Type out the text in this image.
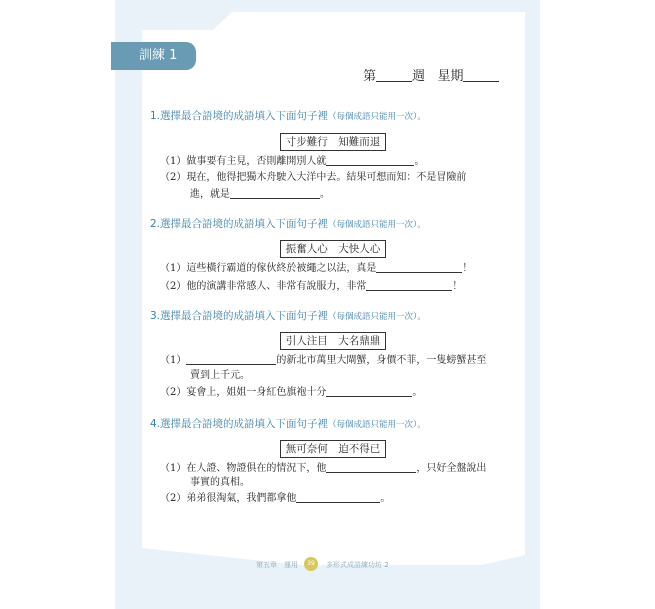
訓練 1
第	週 星期
1.選擇最合語境的成語填入下面句子裡（每個成語只能用一次）。
寸步難行　知難而退
（1）做事要有主見，否則離開別人就	。
（2）現在，他得把獨木舟駛入大洋中去。結果可想而知：不是冒險前
進，就是	。
2.選擇最合語境的成語填入下面句子裡（每個成語只能用一次）。
振奮人心　大快人心
（1）這些橫行霸道的傢伙終於被繩之以法，真是	！
（2）他的演講非常感人、非常有說服力，非常	！
3.選擇最合語境的成語填入下面句子裡（每個成語只能用一次）。
引人注目　大名鼎鼎
（1）	的新北市萬里大閘蟹，身價不菲，一隻螃蟹甚至
賣到上千元。
（2）宴會上，姐姐一身紅色旗袍十分	。
4.選擇最合語境的成語填入下面句子裡（每個成語只能用一次）。
無可奈何　迫不得已
（1）在人證、物證俱在的情況下，他	，只好全盤說出
事實的真相。
（2）弟弟很淘氣，我們都拿他	。
第五章　運用	39	多形式成語練功坊 2
